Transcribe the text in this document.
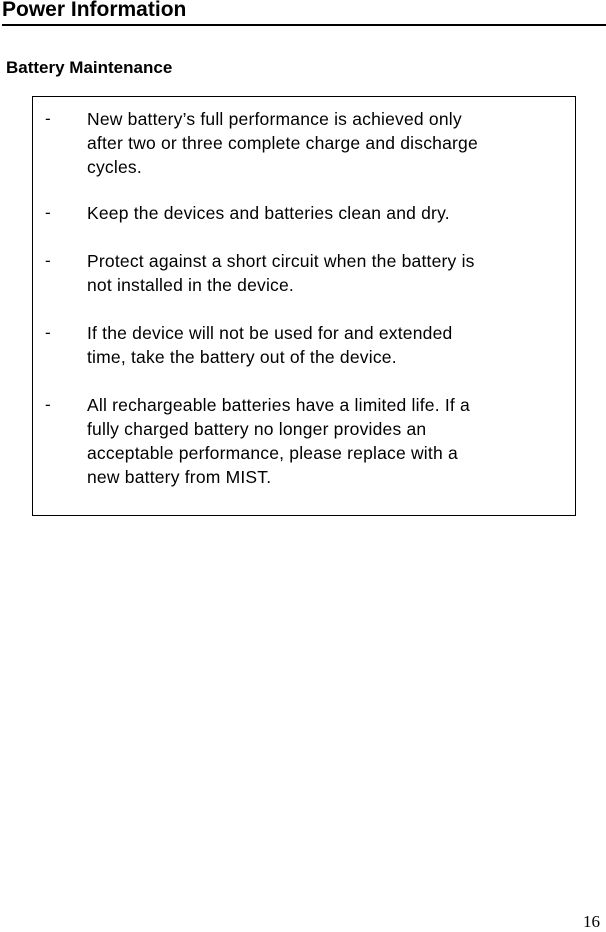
Power Information
Battery Maintenance
- New battery’s full performance is achieved only
after two or three complete charge and discharge
cycles.
- Keep the devices and batteries clean and dry.
- Protect against a short circuit when the battery is
not installed in the device.
- If the device will not be used for and extended
time, take the battery out of the device.
- All rechargeable batteries have a limited life. If a
fully charged battery no longer provides an
acceptable performance, please replace with a
new battery from MIST.
16
